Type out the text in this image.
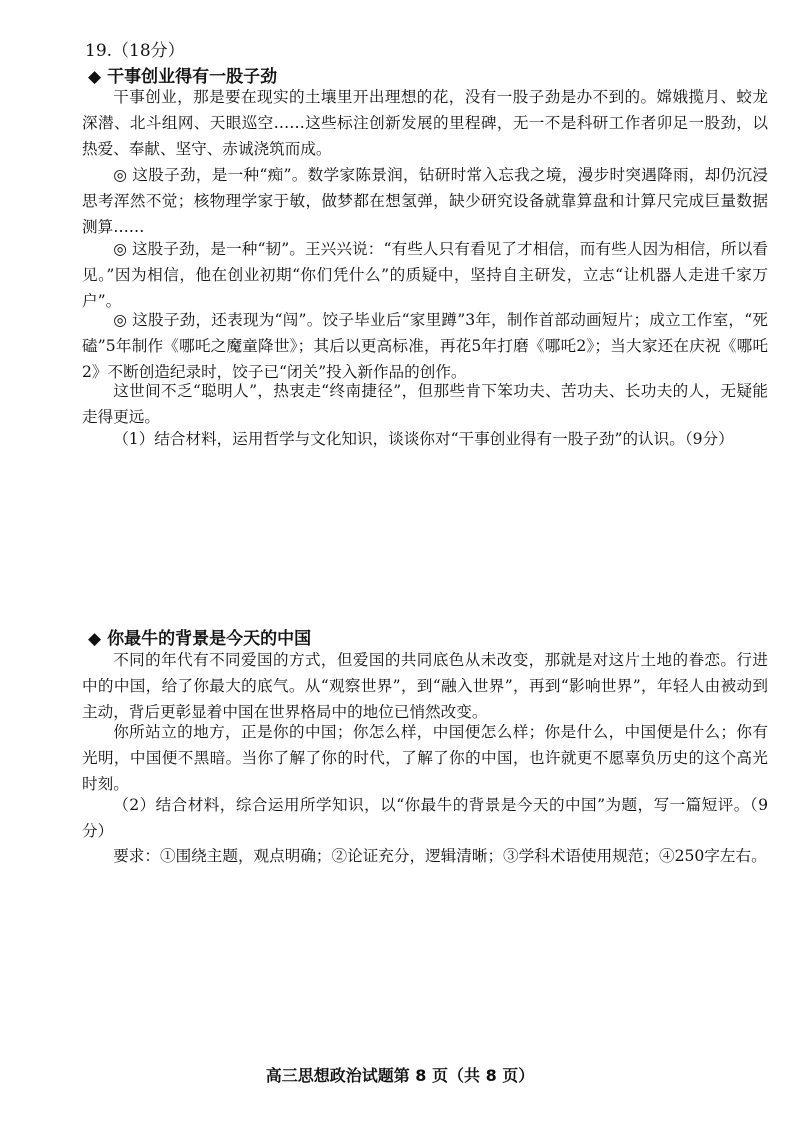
19.（18分）
◆ 干事创业得有一股子劲
干事创业，那是要在现实的土壤里开出理想的花，没有一股子劲是办不到的。嫦娥揽月、蛟龙深潜、北斗组网、天眼巡空……这些标注创新发展的里程碑，无一不是科研工作者卯足一股劲，以热爱、奉献、坚守、赤诚浇筑而成。
◎ 这股子劲，是一种“痴”。数学家陈景润，钻研时常入忘我之境，漫步时突遇降雨，却仍沉浸思考浑然不觉；核物理学家于敏，做梦都在想氢弹，缺少研究设备就靠算盘和计算尺完成巨量数据测算……
◎ 这股子劲，是一种“韧”。王兴兴说：“有些人只有看见了才相信，而有些人因为相信，所以看见。”因为相信，他在创业初期“你们凭什么”的质疑中，坚持自主研发，立志“让机器人走进千家万户”。
◎ 这股子劲，还表现为“闯”。饺子毕业后“家里蹲”3年，制作首部动画短片；成立工作室，“死磕”5年制作《哪吒之魔童降世》；其后以更高标准，再花5年打磨《哪吒2》；当大家还在庆祝《哪吒2》不断创造纪录时，饺子已“闭关”投入新作品的创作。
这世间不乏“聪明人”，热衷走“终南捷径”，但那些肯下笨功夫、苦功夫、长功夫的人，无疑能走得更远。
（1）结合材料，运用哲学与文化知识，谈谈你对“干事创业得有一股子劲”的认识。（9分）
◆ 你最牛的背景是今天的中国
不同的年代有不同爱国的方式，但爱国的共同底色从未改变，那就是对这片土地的眷恋。行进中的中国，给了你最大的底气。从“观察世界”，到“融入世界”，再到“影响世界”，年轻人由被动到主动，背后更彰显着中国在世界格局中的地位已悄然改变。
你所站立的地方，正是你的中国；你怎么样，中国便怎么样；你是什么，中国便是什么；你有光明，中国便不黑暗。当你了解了你的时代，了解了你的中国，也许就更不愿辜负历史的这个高光时刻。
（2）结合材料，综合运用所学知识，以“你最牛的背景是今天的中国”为题，写一篇短评。（9分）
要求：①围绕主题，观点明确；②论证充分，逻辑清晰；③学科术语使用规范；④250字左右。
高三思想政治试题第 8 页（共 8 页）
